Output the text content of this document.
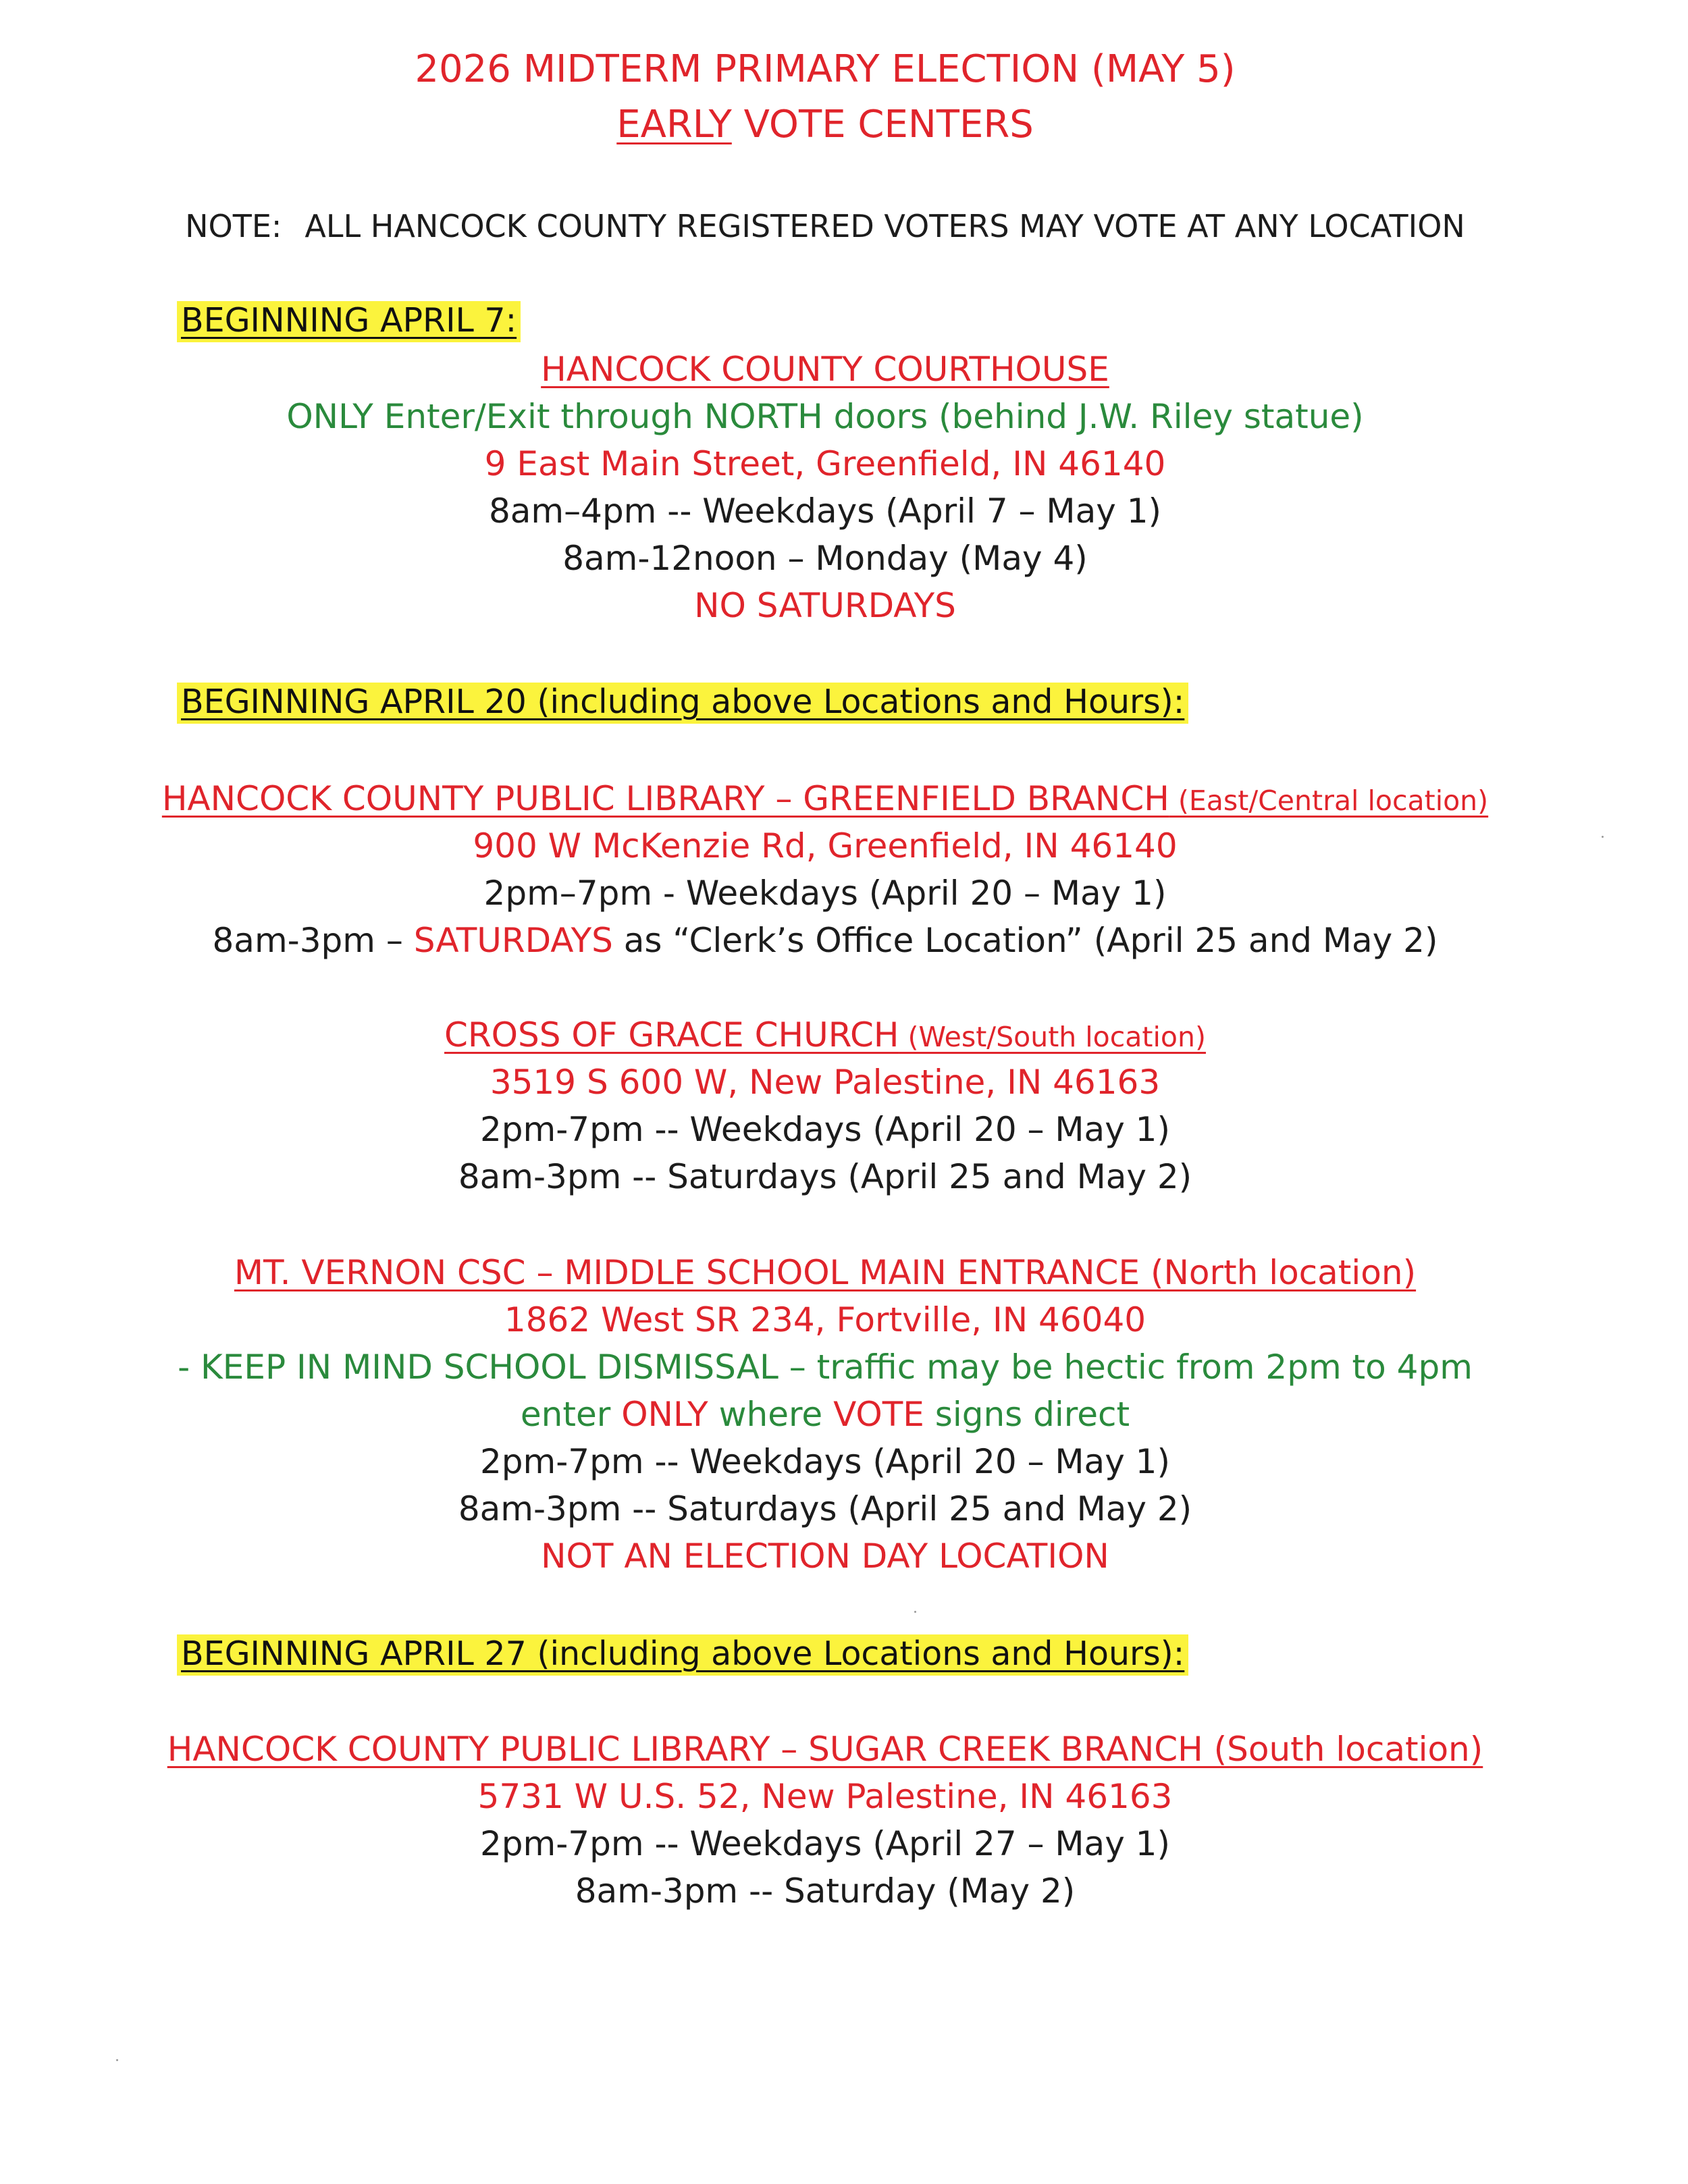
2026 MIDTERM PRIMARY ELECTION (MAY 5)
EARLY VOTE CENTERS
NOTE: ALL HANCOCK COUNTY REGISTERED VOTERS MAY VOTE AT ANY LOCATION
BEGINNING APRIL 7:
HANCOCK COUNTY COURTHOUSE
ONLY Enter/Exit through NORTH doors (behind J.W. Riley statue)
9 East Main Street, Greenfield, IN 46140
8am–4pm -- Weekdays (April 7 – May 1)
8am-12noon – Monday (May 4)
NO SATURDAYS
BEGINNING APRIL 20 (including above Locations and Hours):
HANCOCK COUNTY PUBLIC LIBRARY – GREENFIELD BRANCH (East/Central location)
900 W McKenzie Rd, Greenfield, IN 46140
2pm–7pm - Weekdays (April 20 – May 1)
8am-3pm – SATURDAYS as “Clerk’s Office Location” (April 25 and May 2)
CROSS OF GRACE CHURCH (West/South location)
3519 S 600 W, New Palestine, IN 46163
2pm-7pm -- Weekdays (April 20 – May 1)
8am-3pm -- Saturdays (April 25 and May 2)
MT. VERNON CSC – MIDDLE SCHOOL MAIN ENTRANCE (North location)
1862 West SR 234, Fortville, IN 46040
- KEEP IN MIND SCHOOL DISMISSAL – traffic may be hectic from 2pm to 4pm
enter ONLY where VOTE signs direct
2pm-7pm -- Weekdays (April 20 – May 1)
8am-3pm -- Saturdays (April 25 and May 2)
NOT AN ELECTION DAY LOCATION
BEGINNING APRIL 27 (including above Locations and Hours):
HANCOCK COUNTY PUBLIC LIBRARY – SUGAR CREEK BRANCH (South location)
5731 W U.S. 52, New Palestine, IN 46163
2pm-7pm -- Weekdays (April 27 – May 1)
8am-3pm -- Saturday (May 2)
